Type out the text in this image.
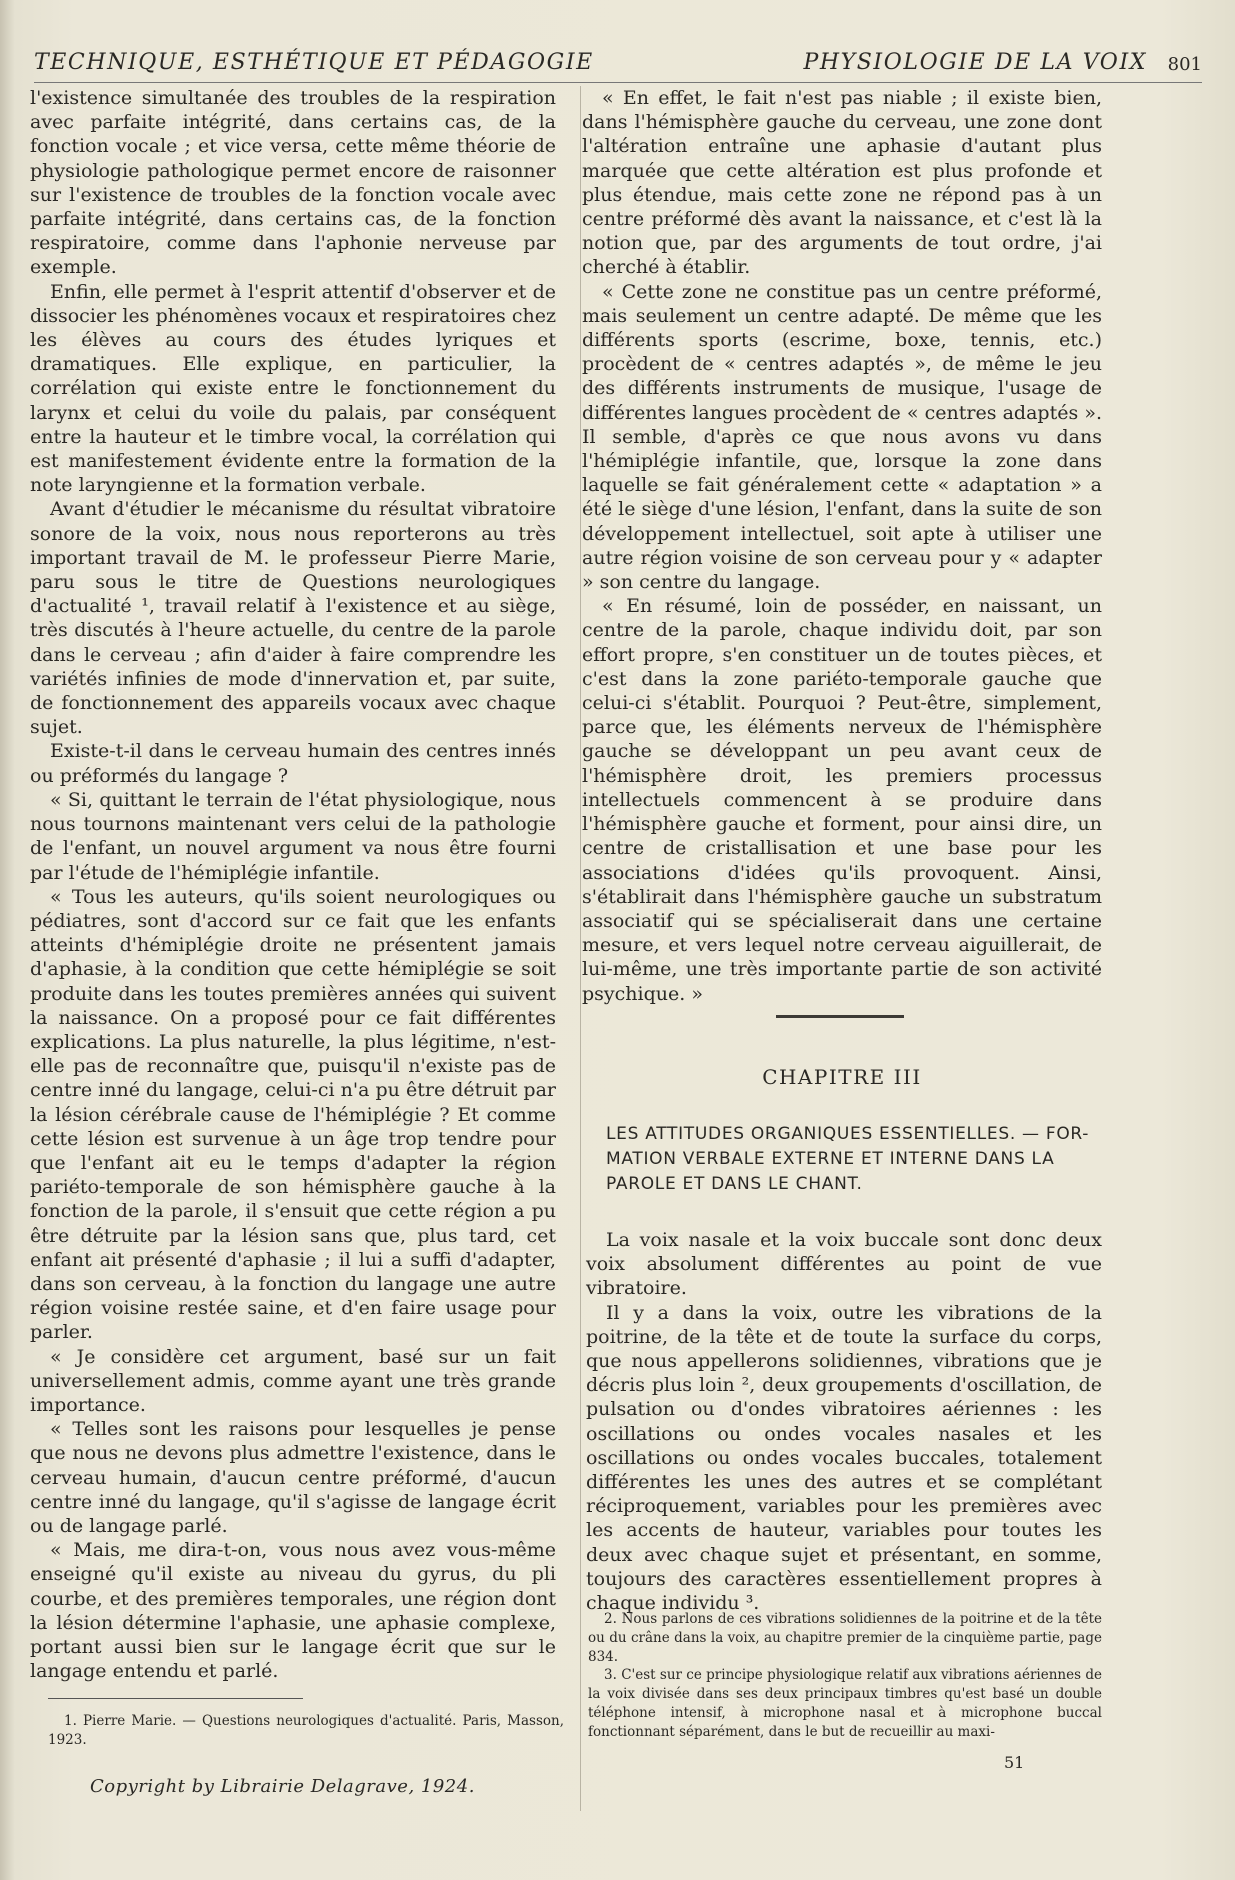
TECHNIQUE, ESTHÉTIQUE ET PÉDAGOGIE	PHYSIOLOGIE DE LA VOIX 801

l'existence simultanée des troubles de la respiration avec parfaite intégrité, dans certains cas, de la fonction vocale ; et vice versa, cette même théorie de physiologie pathologique permet encore de raisonner sur l'existence de troubles de la fonction vocale avec parfaite intégrité, dans certains cas, de la fonction respiratoire, comme dans l'aphonie nerveuse par exemple.

Enfin, elle permet à l'esprit attentif d'observer et de dissocier les phénomènes vocaux et respiratoires chez les élèves au cours des études lyriques et dramatiques. Elle explique, en particulier, la corrélation qui existe entre le fonctionnement du larynx et celui du voile du palais, par conséquent entre la hauteur et le timbre vocal, la corrélation qui est manifestement évidente entre la formation de la note laryngienne et la formation verbale.

Avant d'étudier le mécanisme du résultat vibratoire sonore de la voix, nous nous reporterons au très important travail de M. le professeur Pierre Marie, paru sous le titre de Questions neurologiques d'actualité ¹, travail relatif à l'existence et au siège, très discutés à l'heure actuelle, du centre de la parole dans le cerveau ; afin d'aider à faire comprendre les variétés infinies de mode d'innervation et, par suite, de fonctionnement des appareils vocaux avec chaque sujet.

Existe-t-il dans le cerveau humain des centres innés ou préformés du langage ?

« Si, quittant le terrain de l'état physiologique, nous nous tournons maintenant vers celui de la pathologie de l'enfant, un nouvel argument va nous être fourni par l'étude de l'hémiplégie infantile.

« Tous les auteurs, qu'ils soient neurologiques ou pédiatres, sont d'accord sur ce fait que les enfants atteints d'hémiplégie droite ne présentent jamais d'aphasie, à la condition que cette hémiplégie se soit produite dans les toutes premières années qui suivent la naissance. On a proposé pour ce fait différentes explications. La plus naturelle, la plus légitime, n'est-elle pas de reconnaître que, puisqu'il n'existe pas de centre inné du langage, celui-ci n'a pu être détruit par la lésion cérébrale cause de l'hémiplégie ? Et comme cette lésion est survenue à un âge trop tendre pour que l'enfant ait eu le temps d'adapter la région pariéto-temporale de son hémisphère gauche à la fonction de la parole, il s'ensuit que cette région a pu être détruite par la lésion sans que, plus tard, cet enfant ait présenté d'aphasie ; il lui a suffi d'adapter, dans son cerveau, à la fonction du langage une autre région voisine restée saine, et d'en faire usage pour parler.

« Je considère cet argument, basé sur un fait universellement admis, comme ayant une très grande importance.

« Telles sont les raisons pour lesquelles je pense que nous ne devons plus admettre l'existence, dans le cerveau humain, d'aucun centre préformé, d'aucun centre inné du langage, qu'il s'agisse de langage écrit ou de langage parlé.

« Mais, me dira-t-on, vous nous avez vous-même enseigné qu'il existe au niveau du gyrus, du pli courbe, et des premières temporales, une région dont la lésion détermine l'aphasie, une aphasie complexe, portant aussi bien sur le langage écrit que sur le langage entendu et parlé.

« En effet, le fait n'est pas niable ; il existe bien, dans l'hémisphère gauche du cerveau, une zone dont l'altération entraîne une aphasie d'autant plus marquée que cette altération est plus profonde et plus étendue, mais cette zone ne répond pas à un centre préformé dès avant la naissance, et c'est là la notion que, par des arguments de tout ordre, j'ai cherché à établir.

« Cette zone ne constitue pas un centre préformé, mais seulement un centre adapté. De même que les différents sports (escrime, boxe, tennis, etc.) procèdent de « centres adaptés », de même le jeu des différents instruments de musique, l'usage de différentes langues procèdent de « centres adaptés ». Il semble, d'après ce que nous avons vu dans l'hémiplégie infantile, que, lorsque la zone dans laquelle se fait généralement cette « adaptation » a été le siège d'une lésion, l'enfant, dans la suite de son développement intellectuel, soit apte à utiliser une autre région voisine de son cerveau pour y « adapter » son centre du langage.

« En résumé, loin de posséder, en naissant, un centre de la parole, chaque individu doit, par son effort propre, s'en constituer un de toutes pièces, et c'est dans la zone pariéto-temporale gauche que celui-ci s'établit. Pourquoi ? Peut-être, simplement, parce que, les éléments nerveux de l'hémisphère gauche se développant un peu avant ceux de l'hémisphère droit, les premiers processus intellectuels commencent à se produire dans l'hémisphère gauche et forment, pour ainsi dire, un centre de cristallisation et une base pour les associations d'idées qu'ils provoquent. Ainsi, s'établirait dans l'hémisphère gauche un substratum associatif qui se spécialiserait dans une certaine mesure, et vers lequel notre cerveau aiguillerait, de lui-même, une très importante partie de son activité psychique. »

CHAPITRE III
LES ATTITUDES ORGANIQUES ESSENTIELLES. — FOR-
MATION VERBALE EXTERNE ET INTERNE DANS LA
PAROLE ET DANS LE CHANT.

La voix nasale et la voix buccale sont donc deux voix absolument différentes au point de vue vibratoire.

Il y a dans la voix, outre les vibrations de la poitrine, de la tête et de toute la surface du corps, que nous appellerons solidiennes, vibrations que je décris plus loin ², deux groupements d'oscillation, de pulsation ou d'ondes vibratoires aériennes : les oscillations ou ondes vocales nasales et les oscillations ou ondes vocales buccales, totalement différentes les unes des autres et se complétant réciproquement, variables pour les premières avec les accents de hauteur, variables pour toutes les deux avec chaque sujet et présentant, en somme, toujours des caractères essentiellement propres à chaque individu ³.

1. Pierre Marie. — Questions neurologiques d'actualité. Paris, Masson, 1923.

2. Nous parlons de ces vibrations solidiennes de la poitrine et de la tête ou du crâne dans la voix, au chapitre premier de la cinquième partie, page 834.

3. C'est sur ce principe physiologique relatif aux vibrations aériennes de la voix divisée dans ses deux principaux timbres qu'est basé un double téléphone intensif, à microphone nasal et à microphone buccal fonctionnant séparément, dans le but de recueillir au maxi-

Copyright by Librairie Delagrave, 1924.
51
